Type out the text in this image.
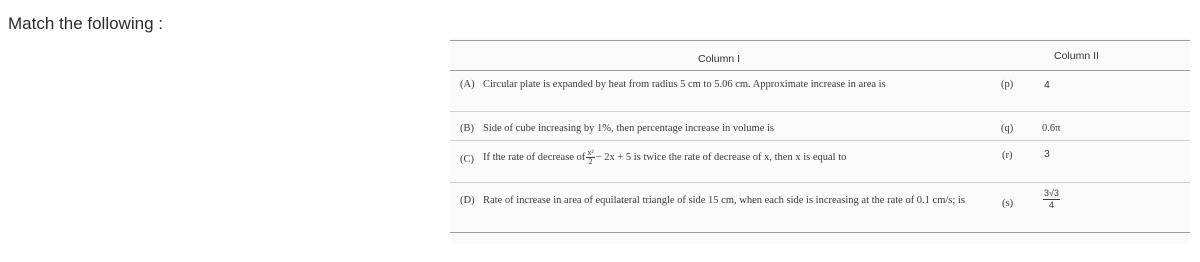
Match the following :
Column I	Column II
(A) Circular plate is expanded by heat from radius 5 cm to 5.06 cm. Approximate increase in area is	(p)	4
(B) Side of cube increasing by 1%, then percentage increase in volume is	(q)	0.6π
(C) If the rate of decrease of $\frac{\text{x²}}{2} - 2x + 5$ is twice the rate of decrease of x, then x is equal to	(r)	3
(D) Rate of increase in area of equilateral triangle of side 15 cm, when each side is increasing at the rate of 0.1 cm/s; is	(s)	$\frac{3√3}{4}$
